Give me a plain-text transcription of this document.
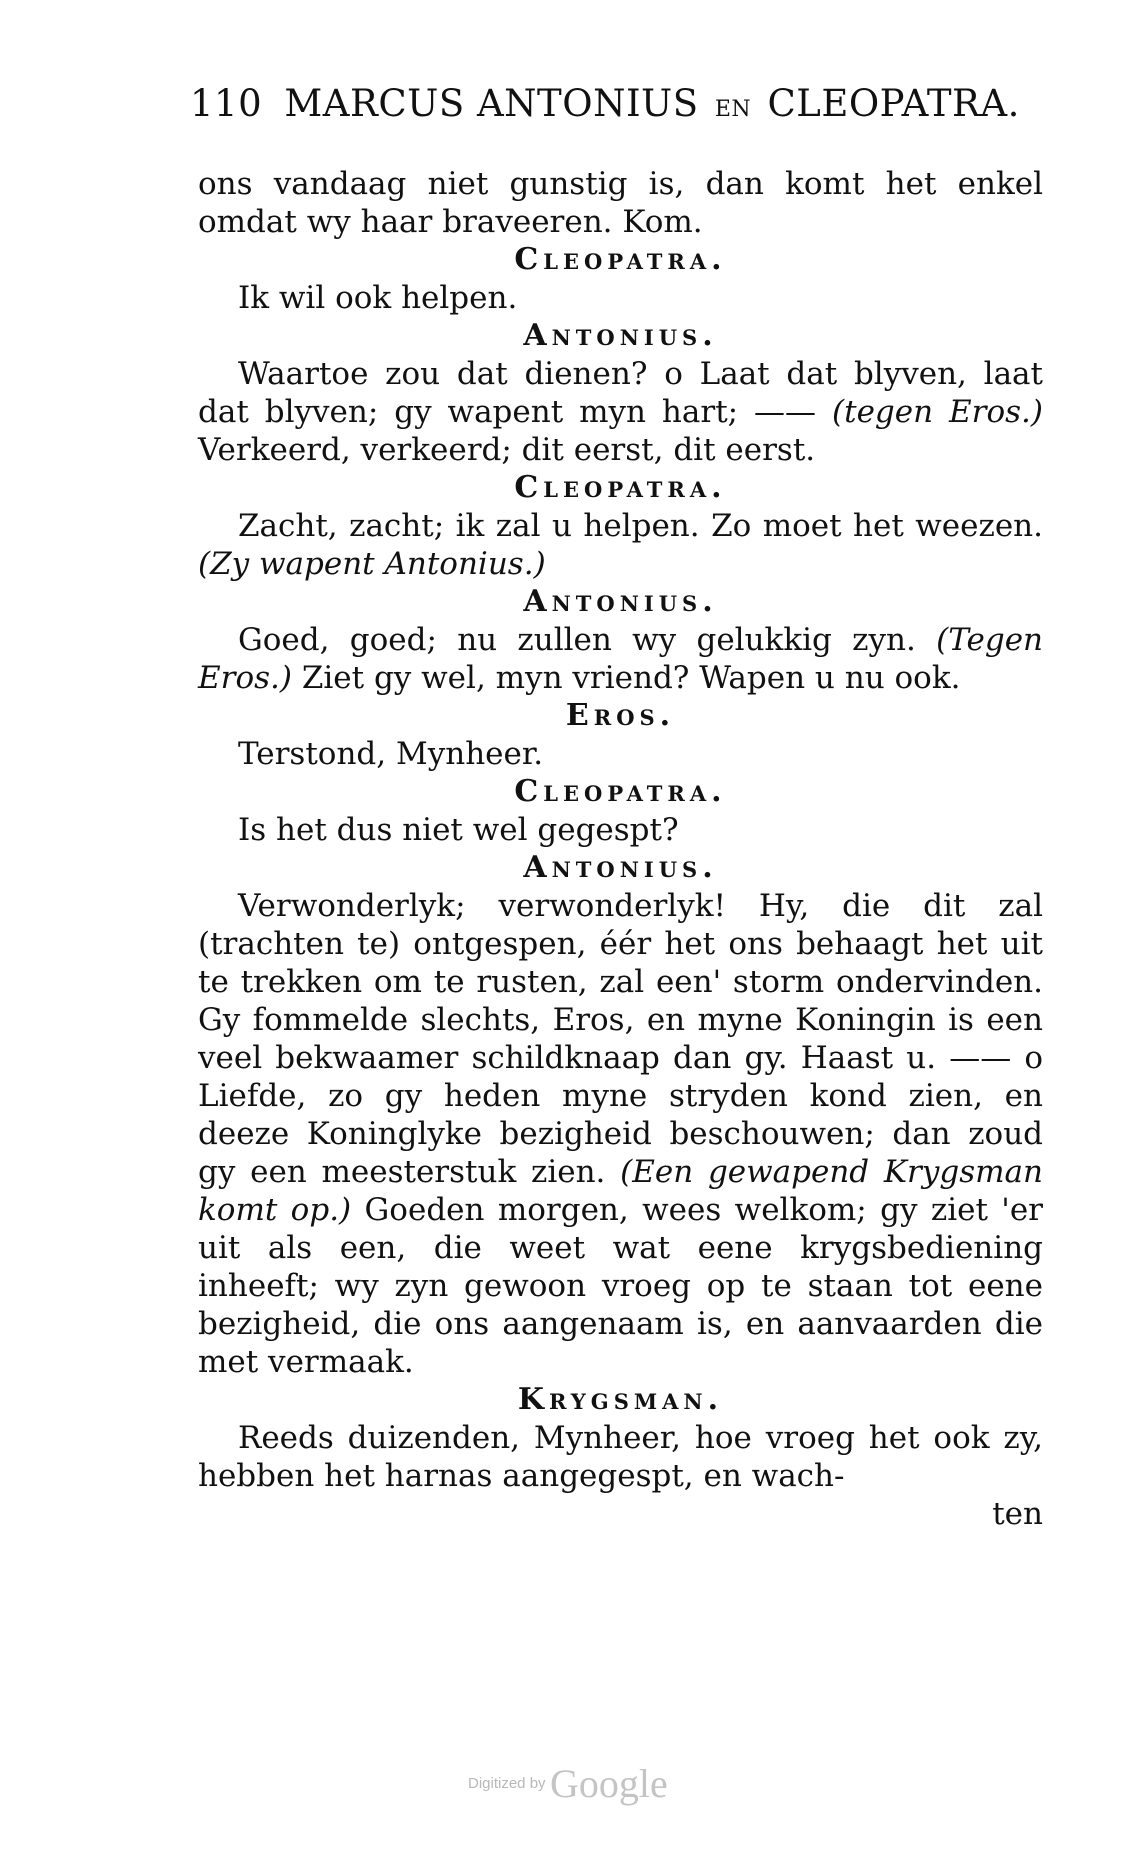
110 MARCUS ANTONIUS EN CLEOPATRA.

ons vandaag niet gunstig is, dan komt het enkel omdat wy haar braveeren. Kom.

Cleopatra.

Ik wil ook helpen.

Antonius.

Waartoe zou dat dienen? o Laat dat blyven, laat dat blyven; gy wapent myn hart; —— (tegen Eros.) Verkeerd, verkeerd; dit eerst, dit eerst.

Cleopatra.

Zacht, zacht; ik zal u helpen. Zo moet het weezen. (Zy wapent Antonius.)

Antonius.

Goed, goed; nu zullen wy gelukkig zyn. (Tegen Eros.) Ziet gy wel, myn vriend? Wapen u nu ook.

Eros.

Terstond, Mynheer.

Cleopatra.

Is het dus niet wel gegespt?

Antonius.

Verwonderlyk; verwonderlyk! Hy, die dit zal (trachten te) ontgespen, éér het ons behaagt het uit te trekken om te rusten, zal een' storm ondervinden. Gy fommelde slechts, Eros, en myne Koningin is een veel bekwaamer schildknaap dan gy. Haast u. —— o Liefde, zo gy heden myne stryden kond zien, en deeze Koninglyke bezigheid beschouwen; dan zoud gy een meesterstuk zien. (Een gewapend Krygsman komt op.) Goeden morgen, wees welkom; gy ziet 'er uit als een, die weet wat eene krygsbediening inheeft; wy zyn gewoon vroeg op te staan tot eene bezigheid, die ons aangenaam is, en aanvaarden die met vermaak.

Krygsman.

Reeds duizenden, Mynheer, hoe vroeg het ook zy, hebben het harnas aangegespt, en wach-

ten

Digitized by Google
